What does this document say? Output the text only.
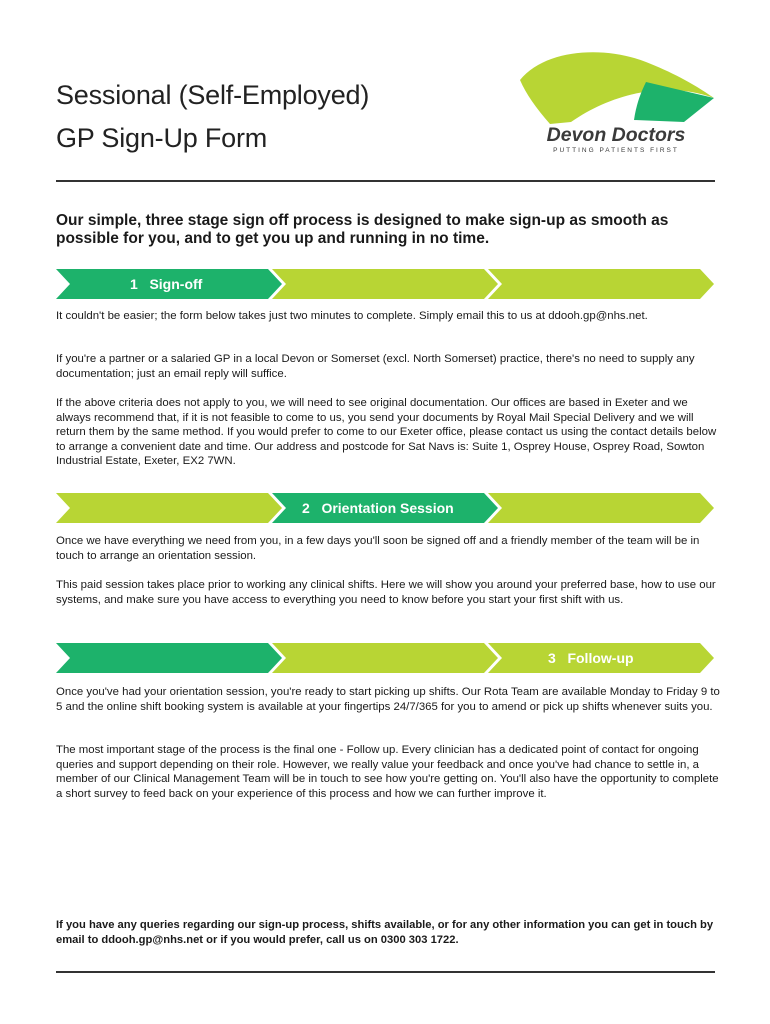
Sessional (Self-Employed)
GP Sign-Up Form	Devon Doctors
PUTTING PATIENTS FIRST
Our simple, three stage sign off process is designed to make sign-up as smooth as possible for you, and to get you up and running in no time.
1   Sign-off

It couldn't be easier; the form below takes just two minutes to complete. Simply email this to us at ddooh.gp@nhs.net.

If you're a partner or a salaried GP in a local Devon or Somerset (excl. North Somerset) practice, there's no need to supply any documentation; just an email reply will suffice.

If the above criteria does not apply to you, we will need to see original documentation. Our offices are based in Exeter and we always recommend that, if it is not feasible to come to us, you send your documents by Royal Mail Special Delivery and we will return them by the same method. If you would prefer to come to our Exeter office, please contact us using the contact details below to arrange a convenient date and time. Our address and postcode for Sat Navs is: Suite 1, Osprey House, Osprey Road, Sowton Industrial Estate, Exeter, EX2 7WN.

2   Orientation Session

Once we have everything we need from you, in a few days you'll soon be signed off and a friendly member of the team will be in touch to arrange an orientation session.

This paid session takes place prior to working any clinical shifts. Here we will show you around your preferred base, how to use our systems, and make sure you have access to everything you need to know before you start your first shift with us.

3   Follow-up

Once you've had your orientation session, you're ready to start picking up shifts. Our Rota Team are available Monday to Friday 9 to 5 and the online shift booking system is available at your fingertips 24/7/365 for you to amend or pick up shifts whenever suits you.

The most important stage of the process is the final one - Follow up. Every clinician has a dedicated point of contact for ongoing queries and support depending on their role. However, we really value your feedback and once you've had chance to settle in, a member of our Clinical Management Team will be in touch to see how you're getting on. You'll also have the opportunity to complete a short survey to feed back on your experience of this process and how we can further improve it.

If you have any queries regarding our sign-up process, shifts available, or for any other information you can get in touch by email to ddooh.gp@nhs.net or if you would prefer, call us on 0300 303 1722.
